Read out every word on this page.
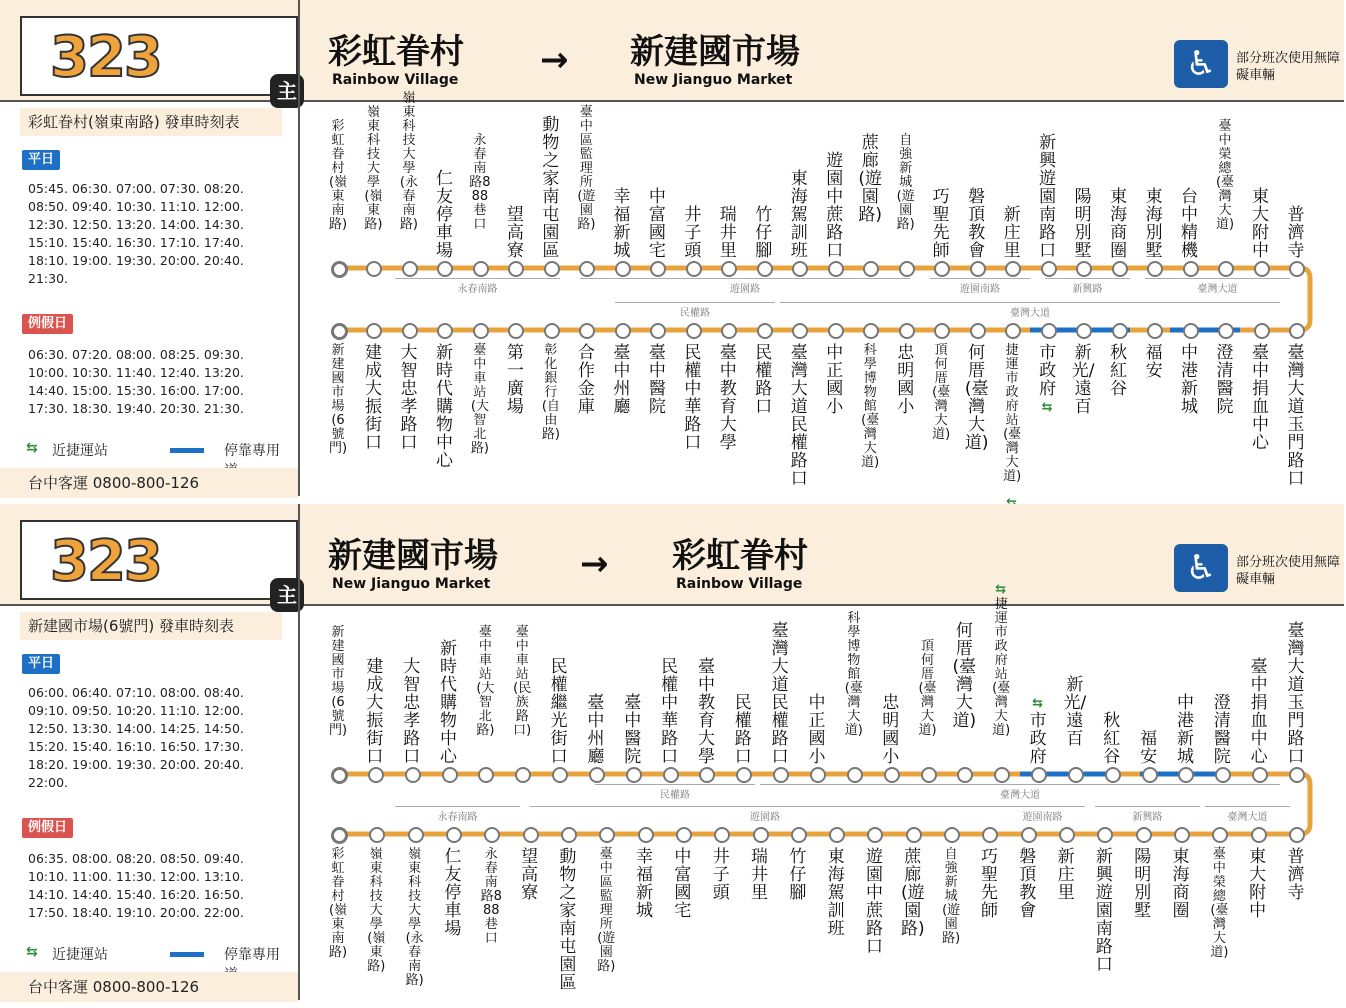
323
主
彩虹眷村
Rainbow Village → 新建國市場
New Jianguo Market	♿	部分班次使用無障礙車輛
彩虹眷村(嶺東南路) 發車時刻表
平日
05:45. 06:30. 07:00. 07:30. 08:20.
08:50. 09:40. 10:30. 11:10. 12:00.
12:30. 12:50. 13:20. 14:00. 14:30.
15:10. 15:40. 16:30. 17:10. 17:40.
18:10. 19:00. 19:30. 20:00. 20:40.
21:30.
例假日
06:30. 07:20. 08:00. 08:25. 09:30.
10:00. 10:30. 11:40. 12:40. 13:20.
14:40. 15:00. 15:30. 16:00. 17:00.
17:30. 18:30. 19:40. 20:30. 21:30.
⇆ 近捷運站	停靠專用
台中客運 0800-800-126
彩虹眷村(嶺東南路)
嶺東科技大學(嶺東路)
嶺東科技大學(永春南路)
仁友停車場
永春南路888巷口	望高寮
動物之家南屯園區
臺中區監理所(遊園路)
幸福新城
中富國宅
井子頭
瑞井里
竹仔腳
東海駕訓班
遊園中蔗路口
蔗廊(遊園路)
自強新城(遊園路)
巧聖先師
磐頂教會
新庄里
新興遊園南路口
陽明別墅
東海商圈
東海別墅
台中精機
臺中榮總(臺灣大道)
東大附中
普濟寺
新建國市場(6號門)
建成大振街口
大智忠孝路口
新時代購物中心
臺中車站(大智北路)
第一廣場
彰化銀行(自由路)
合作金庫
臺中州廳
臺中醫院
民權中華路口
臺中教育大學
民權路口
臺灣大道民權路口
中正國小
科學博物館(臺灣大道)
忠明國小
頂何厝(臺灣大道)
何厝(臺灣大道)
捷運市政府站(臺灣大道)
市政府
⇆
新光/遠百
秋紅谷
福安
中港新城
澄清醫院
臺中捐血中心
臺灣大道玉門路口
永春南路	遊園路	遊園南路	新興路	臺灣大道
民權路	臺灣大道
323
主
新建國市場
New Jianguo Market	→ 彩虹眷村
Rainbow Village	♿	部分班次使用無障礙車輛
新建國市場(6號門) 發車時刻表
平日
06:00. 06:40. 07:10. 08:00. 08:40.
09:10. 09:50. 10:20. 11:10. 12:00.
12:50. 13:30. 14:00. 14:25. 14:50.
15:20. 15:40. 16:10. 16:50. 17:30.
18:20. 19:00. 19:30. 20:00. 20:40.
22:00.
例假日
06:35. 08:00. 08:20. 08:50. 09:40.
10:10. 11:00. 11:30. 12:00. 13:10.
14:10. 14:40. 15:40. 16:20. 16:50.
17:50. 18:40. 19:10. 20:00. 22:00.
⇆ 近捷運站	停靠專用
台中客運 0800-800-126
新建國市場(6號門)
建成大振街口
大智忠孝路口
新時代購物中心
臺中車站(大智北路)
臺中車站(民族路口)
民權繼光街口
臺中州廳
臺中醫院
民權中華路口
臺中教育大學
民權路口
臺灣大道民權路口
中正國小
科學博物館(臺灣大道)
忠明國小
頂何厝(臺灣大道)
何厝(臺灣大道)
捷運市政府站(臺灣大道)
⇆
市政府
⇆
新光/遠百
秋紅谷
福安
中港新城
澄清醫院
臺中捐血中心
臺灣大道玉門路口
彩虹眷村(嶺東南路)
嶺東科技大學(嶺東路)
嶺東科技大學(永春南路)
仁友停車場
永春南路888巷口
望高寮
動物之家南屯園區
臺中區監理所(遊園路)
幸福新城
中富國宅
井子頭
瑞井里
竹仔腳
東海駕訓班
遊園中蔗路口
蔗廊(遊園路)
自強新城(遊園路)
巧聖先師
磐頂教會
新庄里
新興遊園南路口
陽明別墅
東海商圈
臺中榮總(臺灣大道)
東大附中
普濟寺
民權路	臺灣大道
永春南路	遊園路	遊園南路	新興路	臺灣大道
